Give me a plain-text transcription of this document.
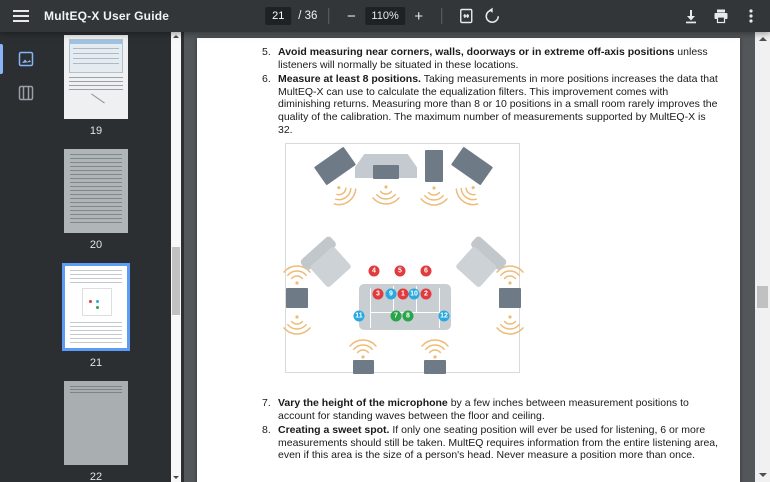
MultEQ-X User Guide
21	/ 36	−	110%	+
19
20
21
22
5. Avoid measuring near corners, walls, doorways or in extreme off-axis positions unless listeners will normally be situated in these locations.
6. Measure at least 8 positions. Taking measurements in more positions increases the data that MultEQ-X can use to calculate the equalization filters. This improvement comes with diminishing returns. Measuring more than 8 or 10 positions in a small room rarely improves the quality of the calibration. The maximum number of measurements supported by MultEQ-X is 32.
1	2
3
4	5	6
7	8
9	10
11	12
7. Vary the height of the microphone by a few inches between measurement positions to account for standing waves between the floor and ceiling.
8. Creating a sweet spot. If only one seating position will ever be used for listening, 6 or more measurements should still be taken. MultEQ requires information from the entire listening area, even if this area is the size of a person's head. Never measure a position more than once.
